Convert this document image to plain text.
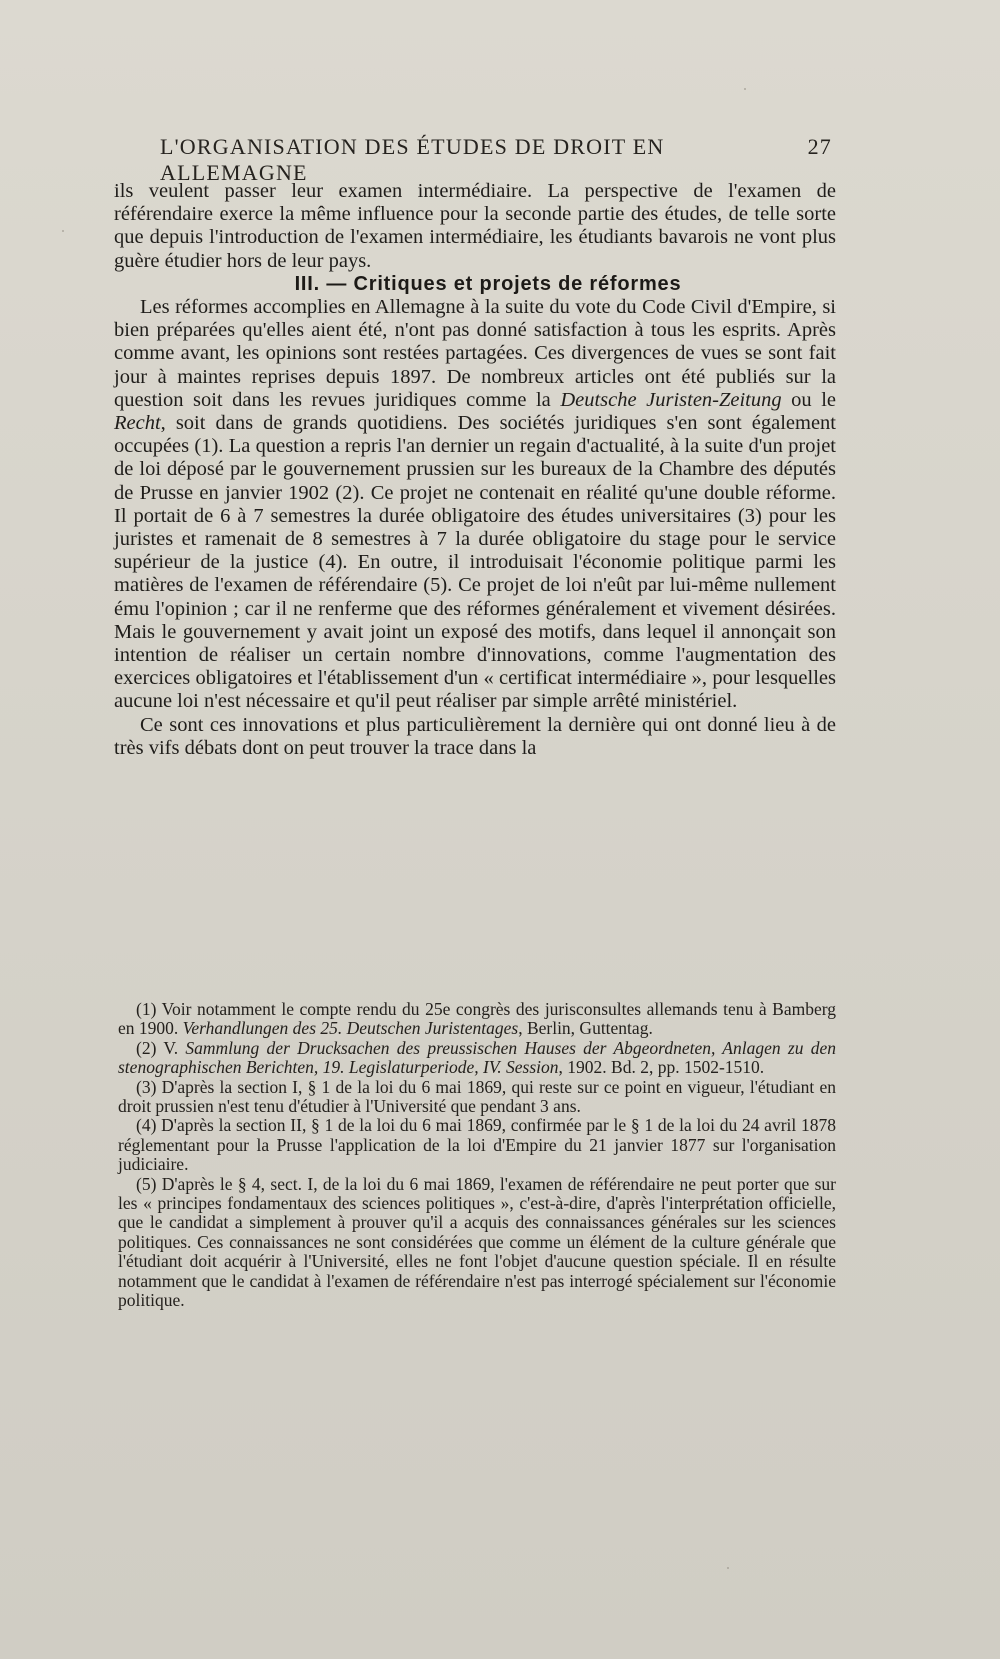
L'ORGANISATION DES ÉTUDES DE DROIT EN ALLEMAGNE
27

ils veulent passer leur examen intermédiaire. La perspective de l'examen de référendaire exerce la même influence pour la seconde partie des études, de telle sorte que depuis l'introduction de l'examen intermédiaire, les étudiants bavarois ne vont plus guère étudier hors de leur pays.

III. — Critiques et projets de réformes

Les réformes accomplies en Allemagne à la suite du vote du Code Civil d'Empire, si bien préparées qu'elles aient été, n'ont pas donné satisfaction à tous les esprits. Après comme avant, les opinions sont restées partagées. Ces divergences de vues se sont fait jour à maintes reprises depuis 1897. De nombreux articles ont été publiés sur la question soit dans les revues juridiques comme la Deutsche Juristen-Zeitung ou le Recht, soit dans de grands quotidiens. Des sociétés juridiques s'en sont également occupées (1). La question a repris l'an dernier un regain d'actualité, à la suite d'un projet de loi déposé par le gouvernement prussien sur les bureaux de la Chambre des députés de Prusse en janvier 1902 (2). Ce projet ne contenait en réalité qu'une double réforme. Il portait de 6 à 7 semestres la durée obligatoire des études universitaires (3) pour les juristes et ramenait de 8 semestres à 7 la durée obligatoire du stage pour le service supérieur de la justice (4). En outre, il introduisait l'économie politique parmi les matières de l'examen de référendaire (5). Ce projet de loi n'eût par lui-même nullement ému l'opinion ; car il ne renferme que des réformes généralement et vivement désirées. Mais le gouvernement y avait joint un exposé des motifs, dans lequel il annonçait son intention de réaliser un certain nombre d'innovations, comme l'augmentation des exercices obligatoires et l'établissement d'un « certificat intermédiaire », pour lesquelles aucune loi n'est nécessaire et qu'il peut réaliser par simple arrêté ministériel.

Ce sont ces innovations et plus particulièrement la dernière qui ont donné lieu à de très vifs débats dont on peut trouver la trace dans la

(1) Voir notamment le compte rendu du 25e congrès des jurisconsultes allemands tenu à Bamberg en 1900. Verhandlungen des 25. Deutschen Juristentages, Berlin, Guttentag.

(2) V. Sammlung der Drucksachen des preussischen Hauses der Abgeordneten, Anlagen zu den stenographischen Berichten, 19. Legislaturperiode, IV. Session, 1902. Bd. 2, pp. 1502-1510.

(3) D'après la section I, § 1 de la loi du 6 mai 1869, qui reste sur ce point en vigueur, l'étudiant en droit prussien n'est tenu d'étudier à l'Université que pendant 3 ans.

(4) D'après la section II, § 1 de la loi du 6 mai 1869, confirmée par le § 1 de la loi du 24 avril 1878 réglementant pour la Prusse l'application de la loi d'Empire du 21 janvier 1877 sur l'organisation judiciaire.

(5) D'après le § 4, sect. I, de la loi du 6 mai 1869, l'examen de référendaire ne peut porter que sur les « principes fondamentaux des sciences politiques », c'est-à-dire, d'après l'interprétation officielle, que le candidat a simplement à prouver qu'il a acquis des connaissances générales sur les sciences politiques. Ces connaissances ne sont considérées que comme un élément de la culture générale que l'étudiant doit acquérir à l'Université, elles ne font l'objet d'aucune question spéciale. Il en résulte notamment que le candidat à l'examen de référendaire n'est pas interrogé spécialement sur l'économie politique.
